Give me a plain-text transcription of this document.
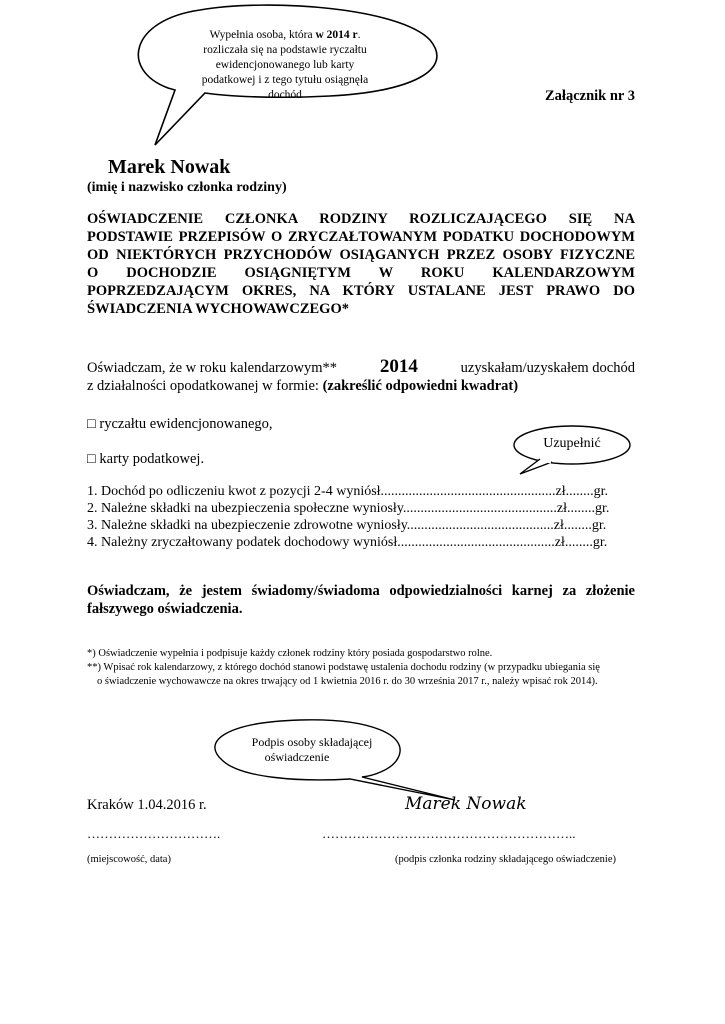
Wypełnia osoba, która w 2014 r.
rozliczała się na podstawie ryczałtu
ewidencjonowanego lub karty
podatkowej i z tego tytułu osiągnęła
dochód	Załącznik nr 3
Marek Nowak
(imię i nazwisko członka rodziny)
OŚWIADCZENIE CZŁONKA RODZINY ROZLICZAJĄCEGO SIĘ NA
PODSTAWIE PRZEPISÓW O ZRYCZAŁTOWANYM PODATKU DOCHODOWYM
OD NIEKTÓRYCH PRZYCHODÓW OSIĄGANYCH PRZEZ OSOBY FIZYCZNE
O DOCHODZIE OSIĄGNIĘTYM W ROKU KALENDARZOWYM
POPRZEDZAJĄCYM OKRES, NA KTÓRY USTALANE JEST PRAWO DO
ŚWIADCZENIA WYCHOWAWCZEGO*
Oświadczam, że w roku kalendarzowym** 2014	uzyskałam/uzyskałem dochód
z działalności opodatkowanej w formie: (zakreślić odpowiedni kwadrat)
□ ryczałtu ewidencjonowanego,
□ karty podatkowej.
Uzupełnić
1. Dochód po odliczeniu kwot z pozycji 2-4 wyniósł..................................................zł........gr.
2. Należne składki na ubezpieczenia społeczne wyniosły............................................zł........gr.
3. Należne składki na ubezpieczenie zdrowotne wyniosły..........................................zł........gr.
4. Należny zryczałtowany podatek dochodowy wyniósł.............................................zł........gr.
Oświadczam, że jestem świadomy/świadoma odpowiedzialności karnej za złożenie
fałszywego oświadczenia.
*) Oświadczenie wypełnia i podpisuje każdy członek rodziny który posiada gospodarstwo rolne.
**) Wpisać rok kalendarzowy, z którego dochód stanowi podstawę ustalenia dochodu rodziny (w przypadku ubiegania się
o świadczenie wychowawcze na okres trwający od 1 kwietnia 2016 r. do 30 września 2017 r., należy wpisać rok 2014).
Podpis osoby składającej
oświadczenie
Kraków 1.04.2016 r.	Marek Nowak
………………………….	…………………………………………………..
(miejscowość, data)	(podpis członka rodziny składającego oświadczenie)
